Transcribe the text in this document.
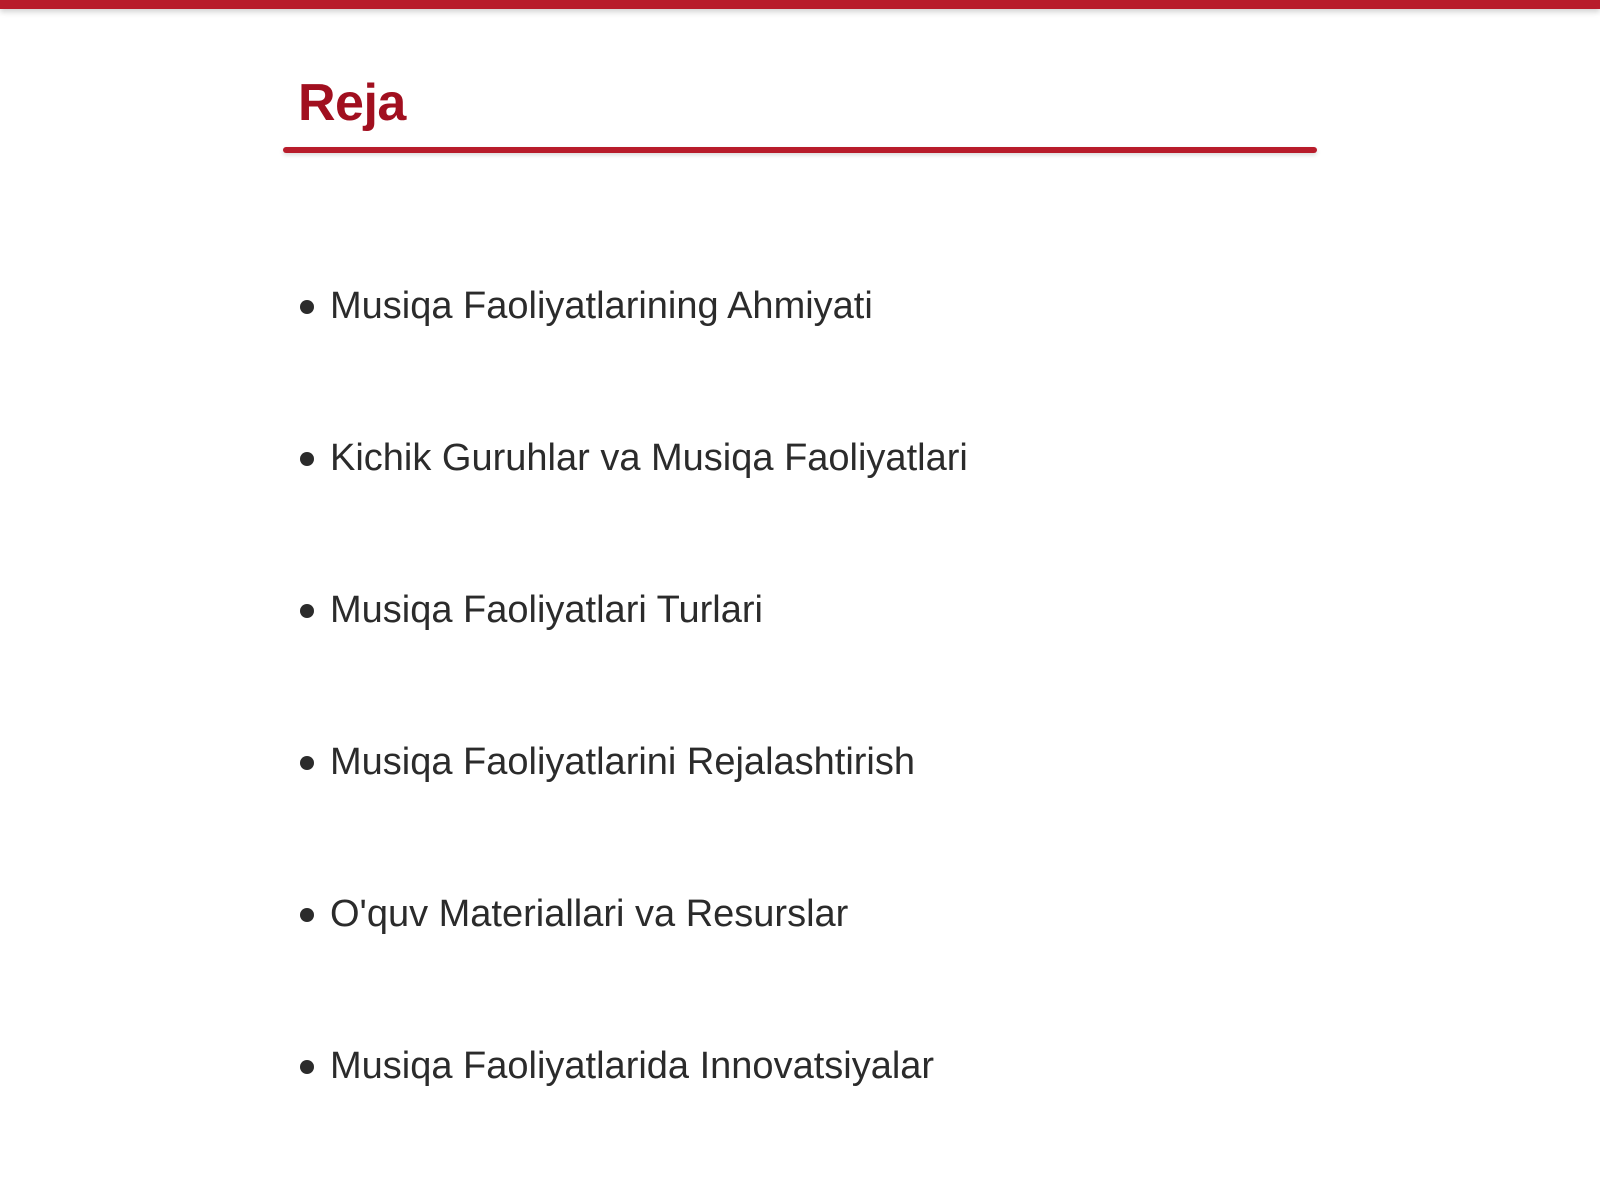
Reja
Musiqa Faoliyatlarining Ahmiyati
Kichik Guruhlar va Musiqa Faoliyatlari
Musiqa Faoliyatlari Turlari
Musiqa Faoliyatlarini Rejalashtirish
O'quv Materiallari va Resurslar
Musiqa Faoliyatlarida Innovatsiyalar
